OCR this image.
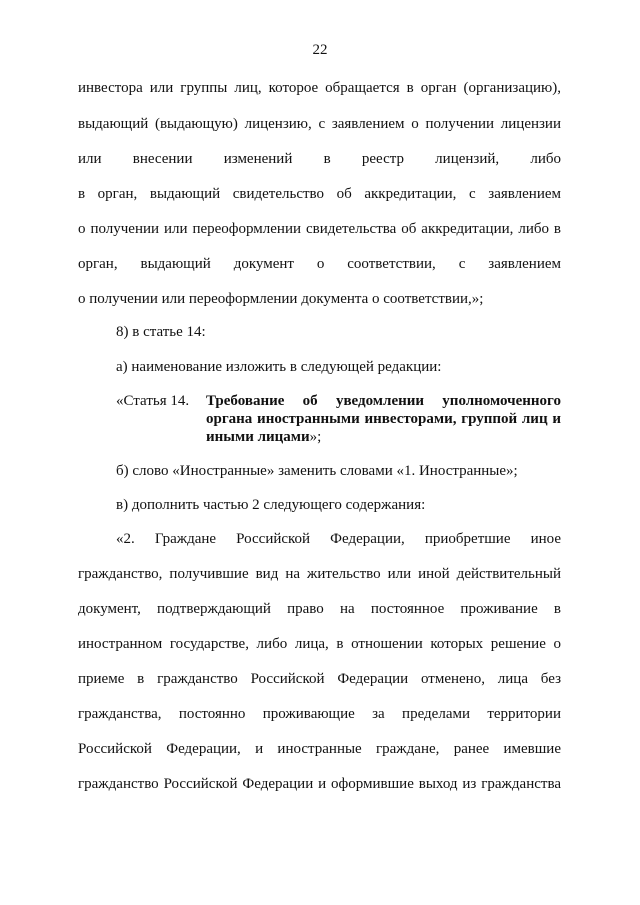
22
инвестора или группы лиц, которое обращается в орган (организацию),
выдающий (выдающую) лицензию, с заявлением о получении лицензии
или внесении изменений в реестр лицензий, либо
в орган, выдающий свидетельство об аккредитации, с заявлением
о получении или переоформлении свидетельства об аккредитации, либо в
орган, выдающий документ о соответствии, с заявлением
о получении или переоформлении документа о соответствии,»;
8) в статье 14:
а) наименование изложить в следующей редакции:
«Статья 14. Требование об уведомлении уполномоченного
органа иностранными инвесторами, группой лиц и
иными лицами»;
б) слово «Иностранные» заменить словами «1. Иностранные»;
в) дополнить частью 2 следующего содержания:
«2. Граждане Российской Федерации, приобретшие иное
гражданство, получившие вид на жительство или иной действительный
документ, подтверждающий право на постоянное проживание в
иностранном государстве, либо лица, в отношении которых решение о
приеме в гражданство Российской Федерации отменено, лица без
гражданства, постоянно проживающие за пределами территории
Российской Федерации, и иностранные граждане, ранее имевшие
гражданство Российской Федерации и оформившие выход из гражданства
